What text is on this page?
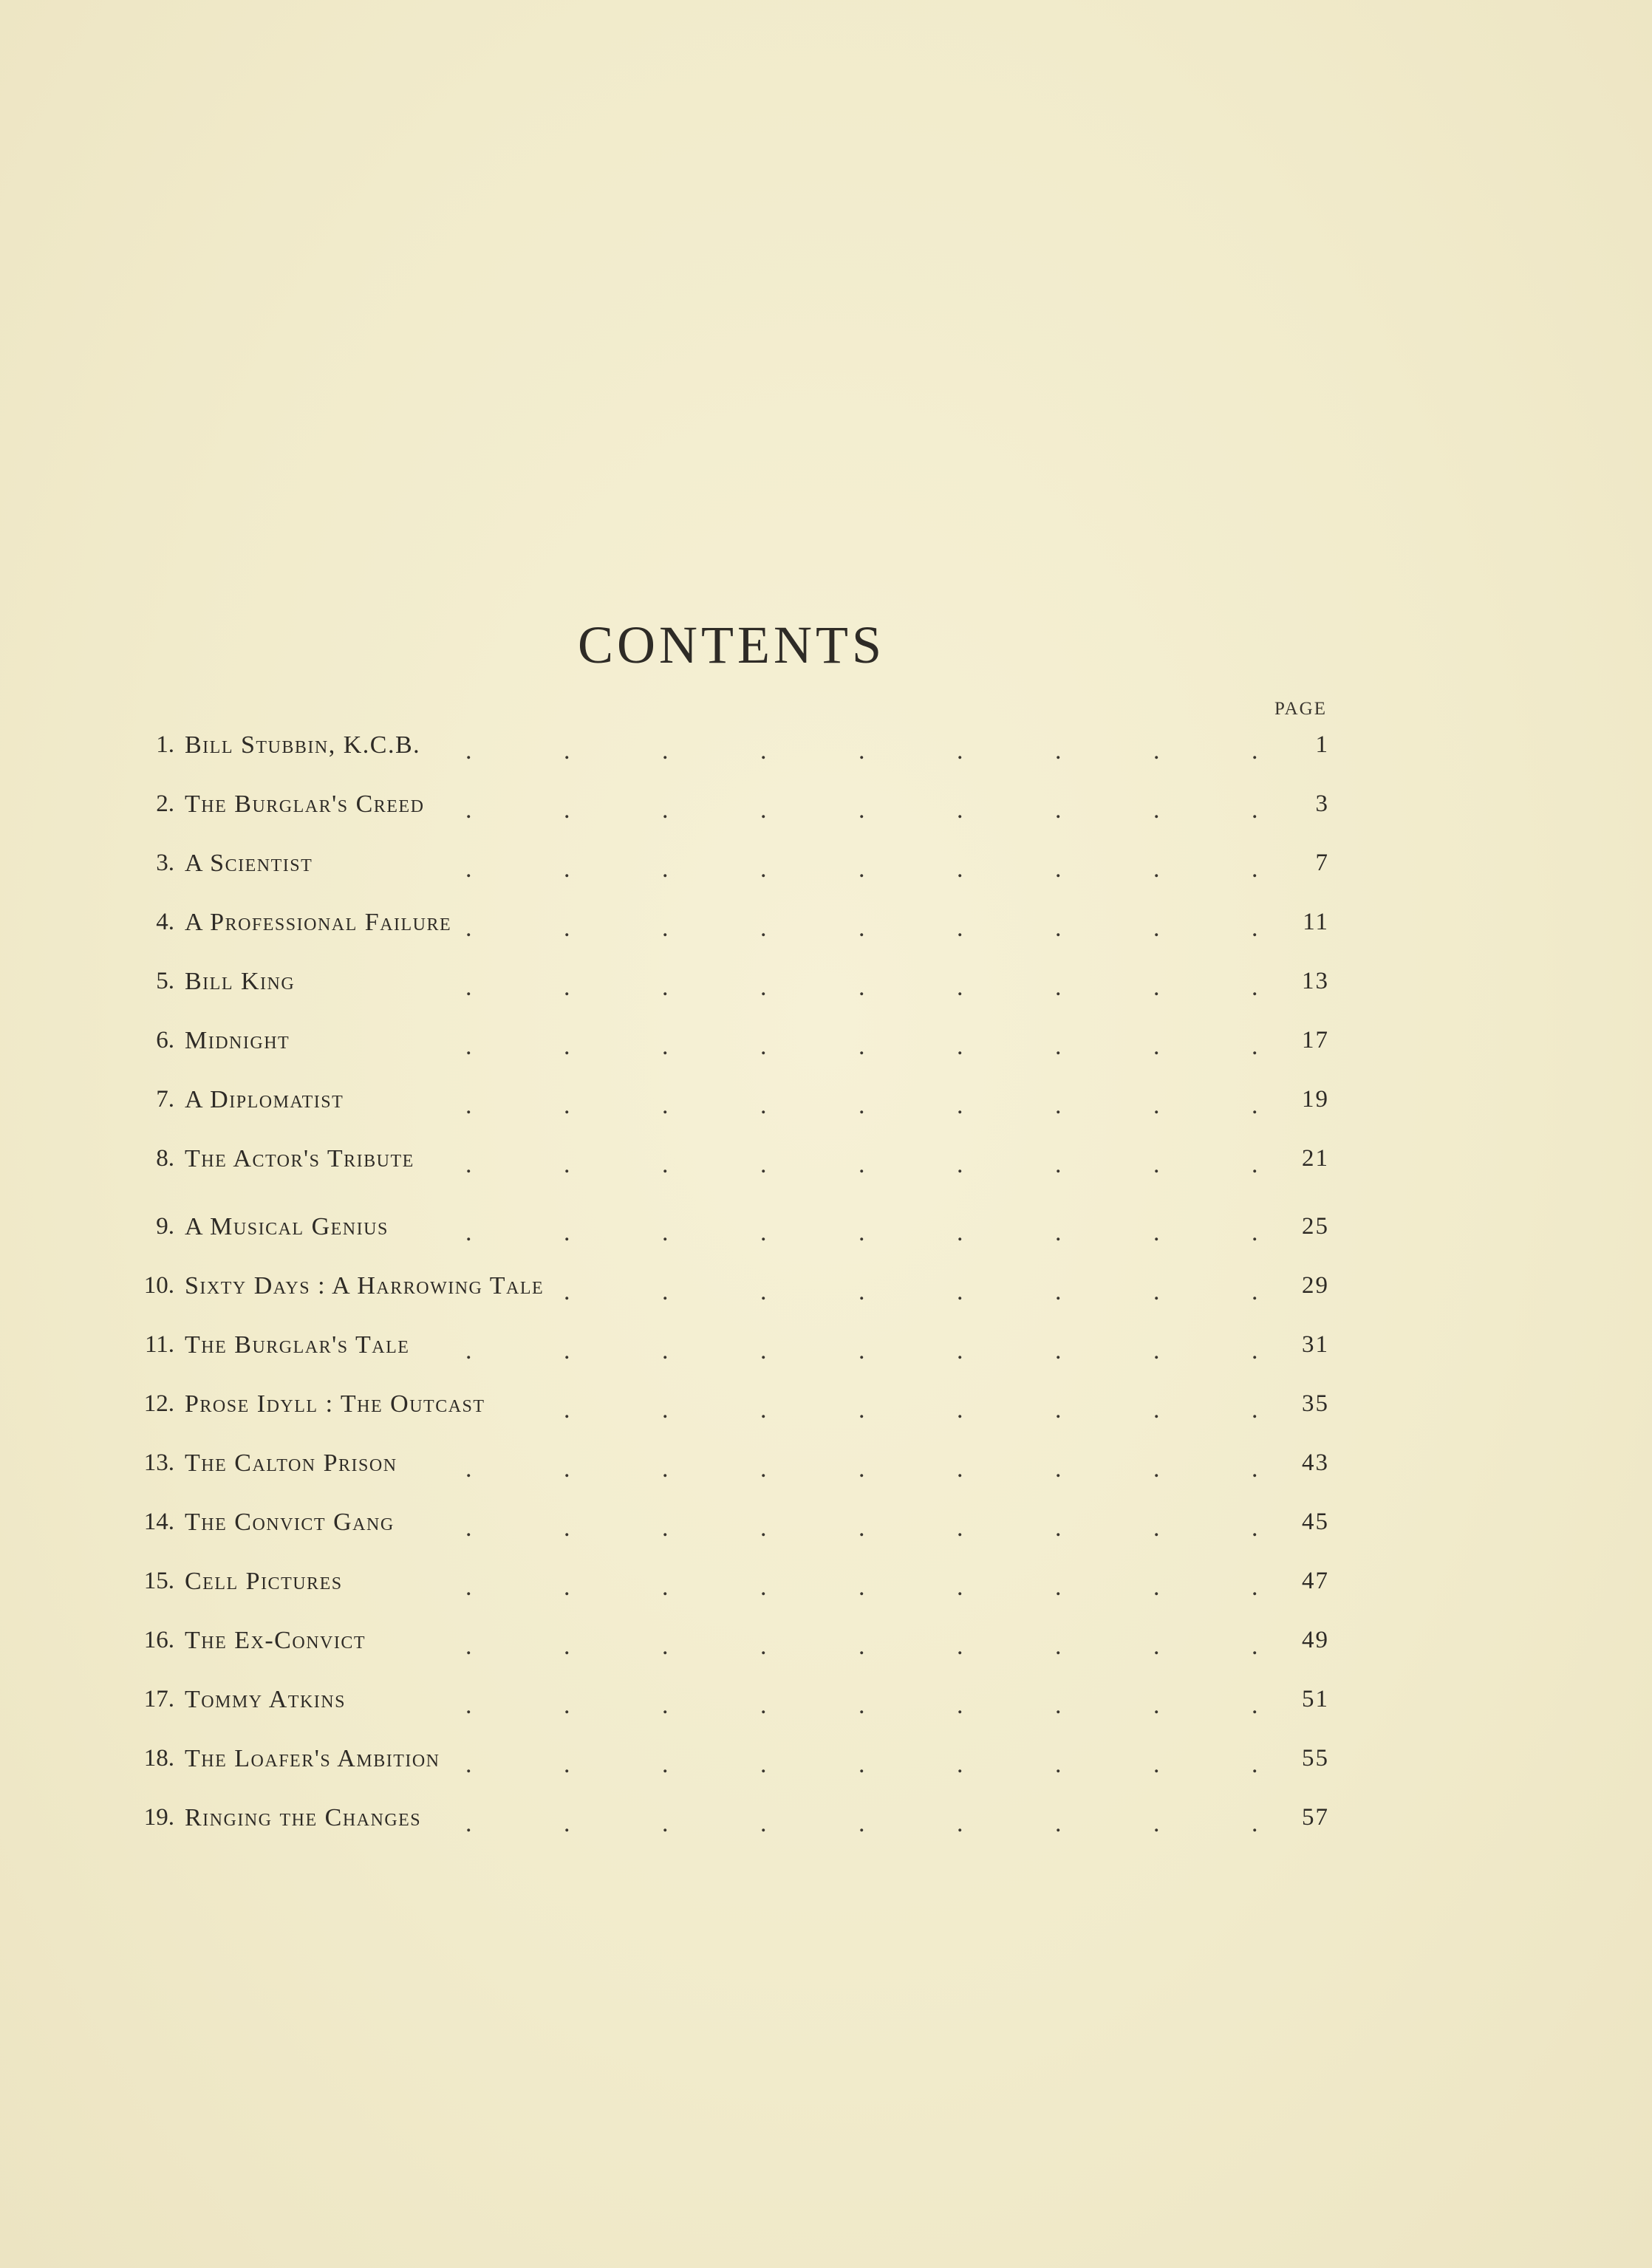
CONTENTS
PAGE
1. Bill Stubbin, K.C.B. .	.	.	.	.	.	.	.	. 1
2. The Burglar's Creed .	.	.	.	.	.	.	.	. 3
3. A Scientist	.	.	.	.	.	.	.	.	. 7
4. A Professional Failure .	.	.	.	.	.	.	.	. 11
5. Bill King	.	.	.	.	.	.	.	.	. 13
6. Midnight	.	.	.	.	.	.	.	.	. 17
7. A Diplomatist	.	.	.	.	.	.	.	.	. 19
8. The Actor's Tribute .	.	.	.	.	.	.	.	. 21
9. A Musical Genius	.	.	.	.	.	.	.	.	. 25
10. Sixty Days : A Harrowing Tale .	.	.	.	.	.	.	. 29
11. The Burglar's Tale .	.	.	.	.	.	.	.	. 31
12. Prose Idyll : The Outcast	.	.	.	.	.	.	.	. 35
13. The Calton Prison	.	.	.	.	.	.	.	.	. 43
14. The Convict Gang	.	.	.	.	.	.	.	.	. 45
15. Cell Pictures	.	.	.	.	.	.	.	.	. 47
16. The Ex-Convict	.	.	.	.	.	.	.	.	. 49
17. Tommy Atkins	.	.	.	.	.	.	.	.	. 51
18. The Loafer's Ambition .	.	.	.	.	.	.	.	. 55
19. Ringing the Changes .	.	.	.	.	.	.	.	. 57
